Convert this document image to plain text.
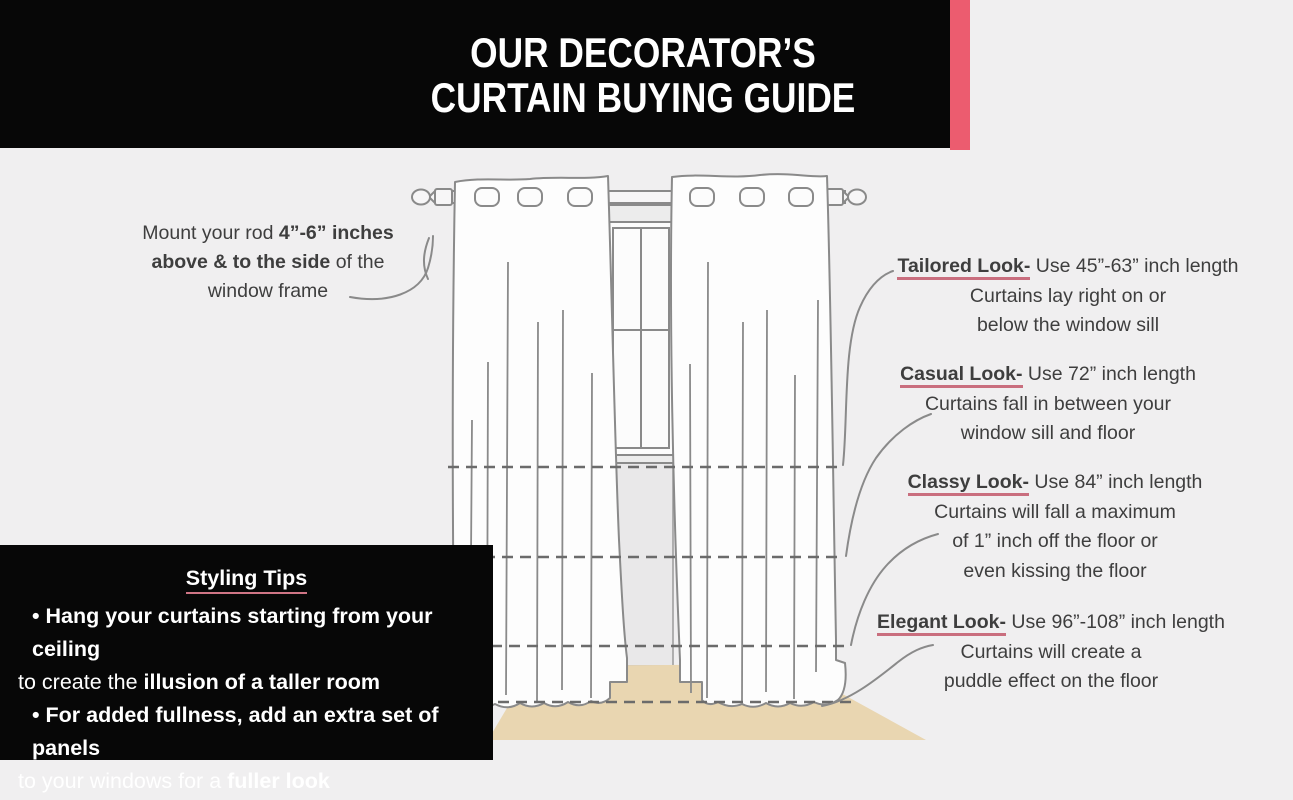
OUR DECORATOR’S
CURTAIN BUYING GUIDE
Mount your rod 4”-6” inches
above & to the side of the
window frame
Tailored Look- Use 45”-63” inch length
Curtains lay right on or
below the window sill
Casual Look- Use 72” inch length
Curtains fall in between your
window sill and floor
Classy Look- Use 84” inch length
Curtains will fall a maximum
of 1” inch off the floor or
even kissing the floor
Elegant Look- Use 96”-108” inch length
Curtains will create a
puddle effect on the floor
Styling Tips
• Hang your curtains starting from your ceiling
to create the illusion of a taller room
• For added fullness, add an extra set of panels
to your windows for a fuller look
